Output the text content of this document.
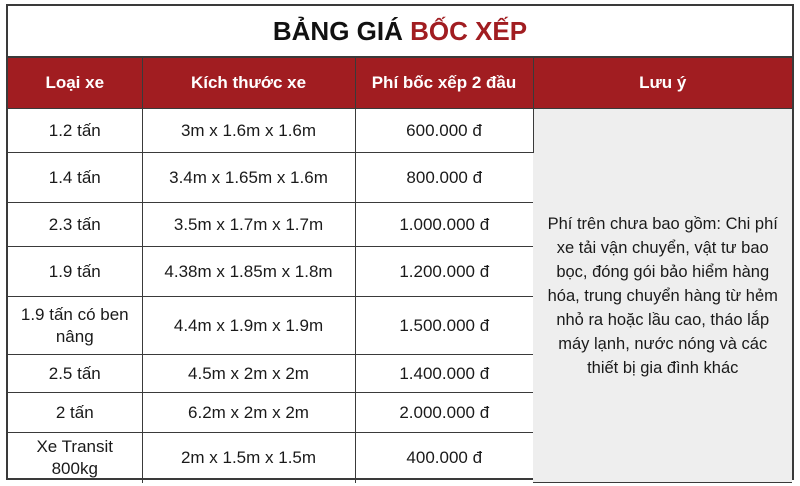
BẢNG GIÁ BỐC XẾP
Loại xe	Kích thước xe	Phí bốc xếp 2 đầu	Lưu ý
1.2 tấn	3m x 1.6m x 1.6m	600.000 đ	Phí trên chưa bao gồm: Chi phí xe tải vận chuyển, vật tư bao bọc, đóng gói bảo hiểm hàng hóa, trung chuyển hàng từ hẻm nhỏ ra hoặc lầu cao, tháo lắp máy lạnh, nước nóng và các thiết bị gia đình khác
1.4 tấn	3.4m x 1.65m x 1.6m	800.000 đ	
2.3 tấn	3.5m x 1.7m x 1.7m	1.000.000 đ	
1.9 tấn	4.38m x 1.85m x 1.8m	1.200.000 đ	
1.9 tấn có ben nâng	4.4m x 1.9m x 1.9m	1.500.000 đ	
2.5 tấn	4.5m x 2m x 2m	1.400.000 đ	
2 tấn	6.2m x 2m x 2m	2.000.000 đ	
Xe Transit 800kg	2m x 1.5m x 1.5m	400.000 đ	
